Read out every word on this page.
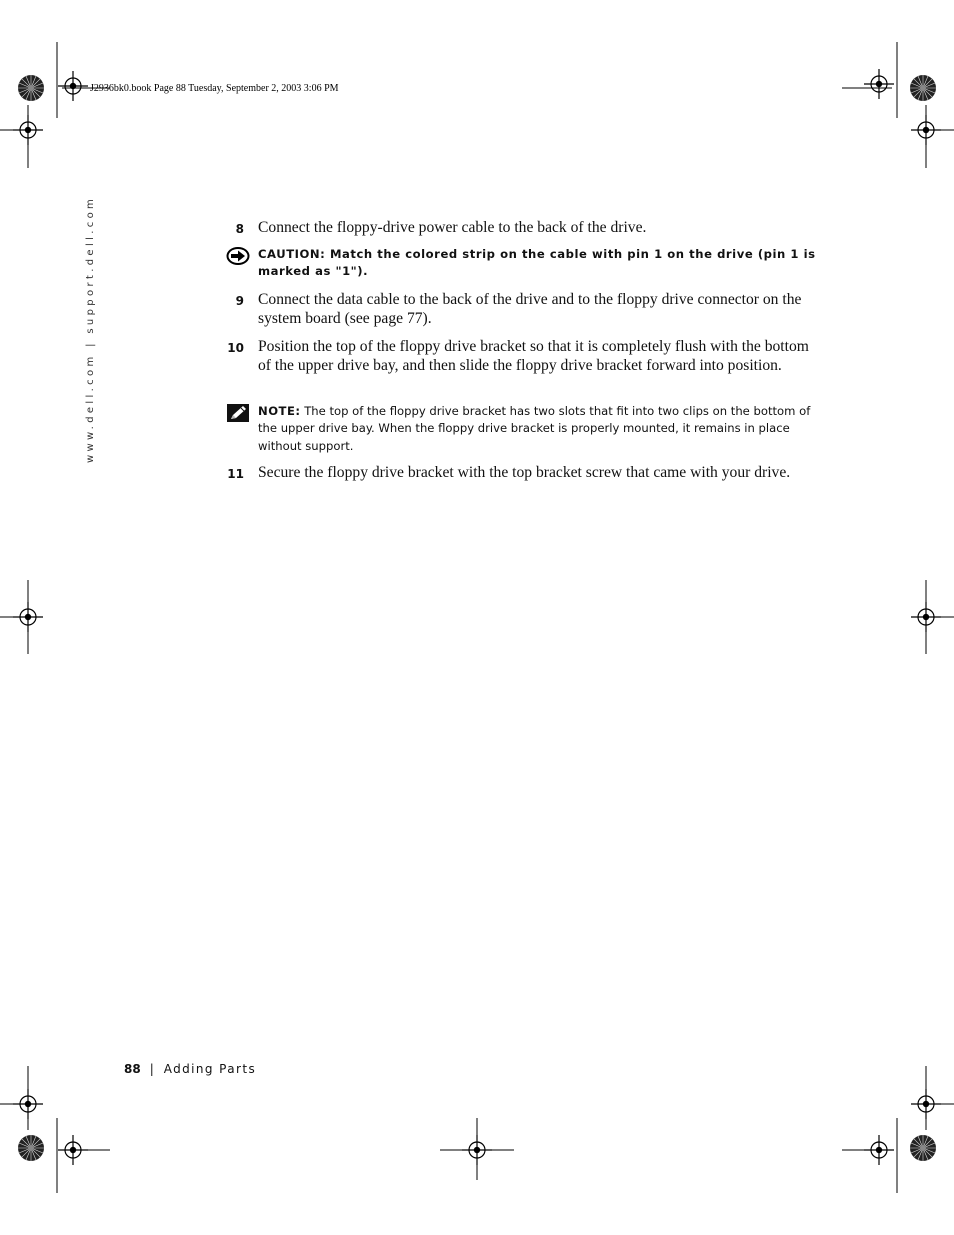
J2936bk0.book Page 88 Tuesday, September 2, 2003 3:06 PM
www.dell.com | support.dell.com	8 Connect the floppy-drive power cable to the back of the drive.
CAUTION: Match the colored strip on the cable with pin 1 on the drive (pin 1 is marked as "1").
9 Connect the data cable to the back of the drive and to the floppy drive connector on the system board (see page 77).
10 Position the top of the floppy drive bracket so that it is completely flush with the bottom of the upper drive bay, and then slide the floppy drive bracket forward into position.
NOTE: The top of the floppy drive bracket has two slots that fit into two clips on the bottom of the upper drive bay. When the floppy drive bracket is properly mounted, it remains in place without support.
11 Secure the floppy drive bracket with the top bracket screw that came with your drive.
88 | Adding Parts
